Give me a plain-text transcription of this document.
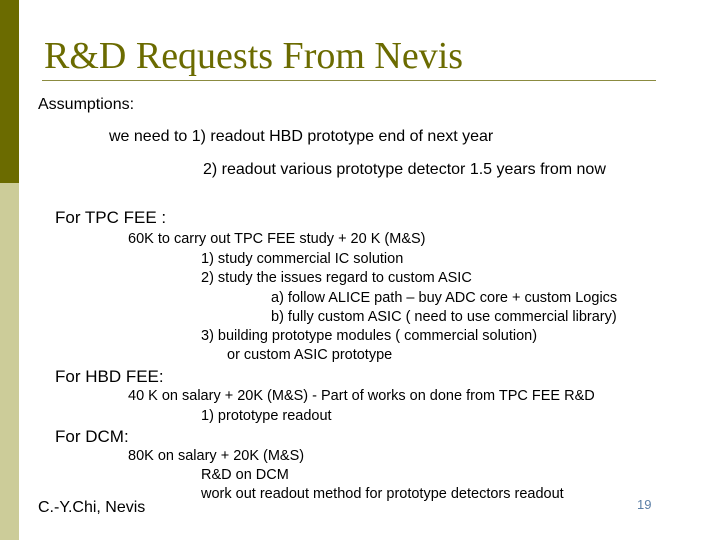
R&D Requests From Nevis
Assumptions:
we need to 1) readout HBD prototype end of next year
2) readout various prototype detector 1.5 years from now
For TPC FEE :
60K to carry out TPC FEE study + 20 K (M&S)
1) study commercial IC solution
2) study the issues regard to custom ASIC
a) follow ALICE path – buy ADC core + custom Logics
b) fully custom ASIC ( need to use commercial library)
3) building prototype modules ( commercial solution)
or custom ASIC prototype
For HBD FEE:
40 K on salary + 20K (M&S) - Part of works on done from TPC FEE R&D
1) prototype readout
For DCM:
80K on salary + 20K (M&S)
R&D on DCM
work out readout method for prototype detectors readout
C.-Y.Chi, Nevis	19
